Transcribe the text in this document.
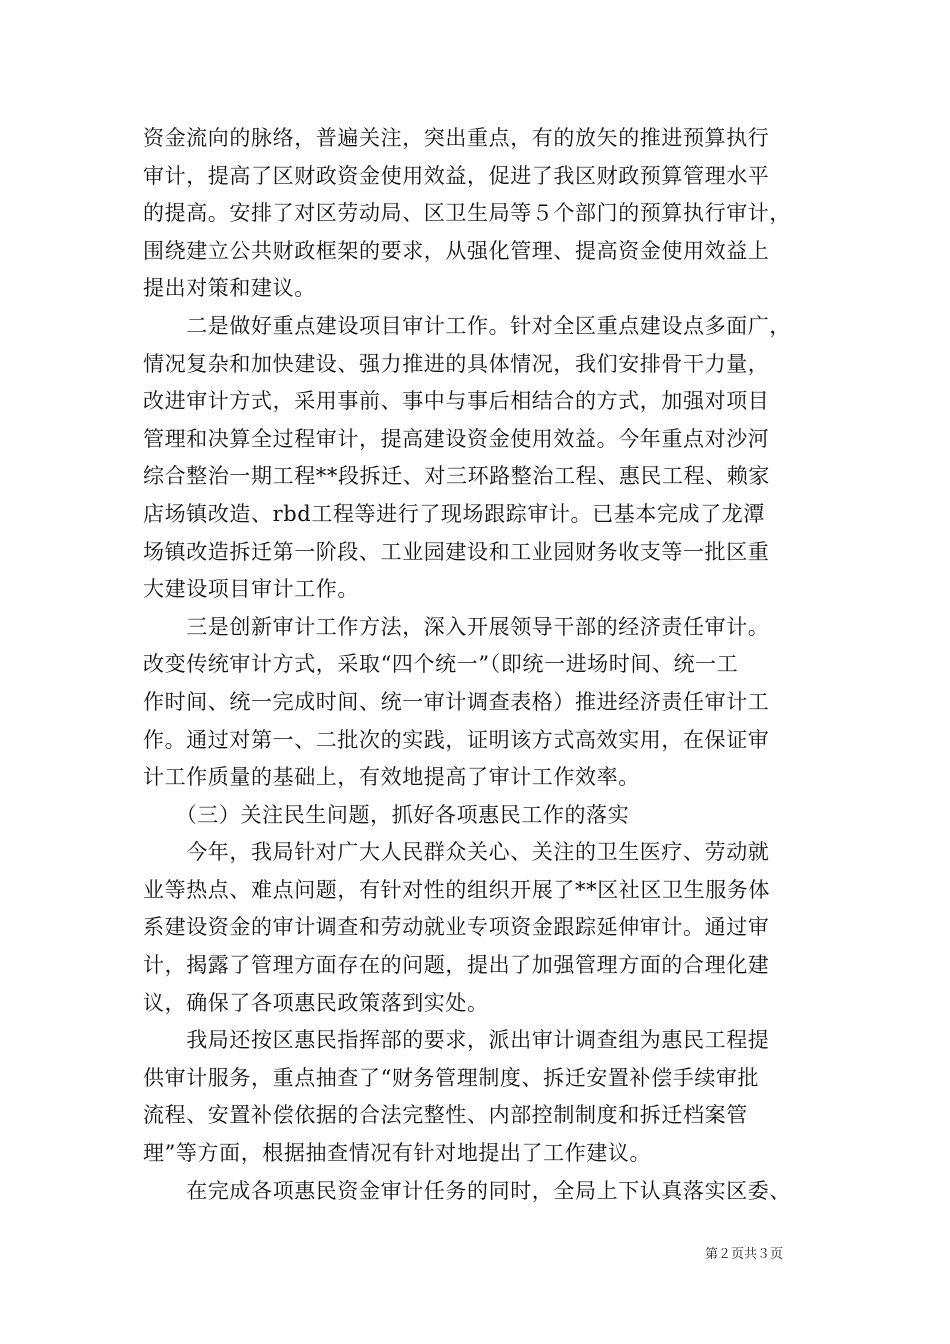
资金流向的脉络，普遍关注，突出重点，有的放矢的推进预算执行
审计，提高了区财政资金使用效益，促进了我区财政预算管理水平
的提高。安排了对区劳动局、区卫生局等５个部门的预算执行审计，
围绕建立公共财政框架的要求，从强化管理、提高资金使用效益上
提出对策和建议。
　　二是做好重点建设项目审计工作。针对全区重点建设点多面广，
情况复杂和加快建设、强力推进的具体情况，我们安排骨干力量，
改进审计方式，采用事前、事中与事后相结合的方式，加强对项目
管理和决算全过程审计，提高建设资金使用效益。今年重点对沙河
综合整治一期工程**段拆迁、对三环路整治工程、惠民工程、赖家
店场镇改造、rbd工程等进行了现场跟踪审计。已基本完成了龙潭
场镇改造拆迁第一阶段、工业园建设和工业园财务收支等一批区重
大建设项目审计工作。
　　三是创新审计工作方法，深入开展领导干部的经济责任审计。
改变传统审计方式，采取“四个统一”（即统一进场时间、统一工
作时间、统一完成时间、统一审计调查表格）推进经济责任审计工
作。通过对第一、二批次的实践，证明该方式高效实用，在保证审
计工作质量的基础上，有效地提高了审计工作效率。
　　（三）关注民生问题，抓好各项惠民工作的落实
　　今年，我局针对广大人民群众关心、关注的卫生医疗、劳动就
业等热点、难点问题，有针对性的组织开展了**区社区卫生服务体
系建设资金的审计调查和劳动就业专项资金跟踪延伸审计。通过审
计，揭露了管理方面存在的问题，提出了加强管理方面的合理化建
议，确保了各项惠民政策落到实处。
　　我局还按区惠民指挥部的要求，派出审计调查组为惠民工程提
供审计服务，重点抽查了“财务管理制度、拆迁安置补偿手续审批
流程、安置补偿依据的合法完整性、内部控制制度和拆迁档案管
理”等方面，根据抽查情况有针对地提出了工作建议。
　　在完成各项惠民资金审计任务的同时，全局上下认真落实区委、
第２页共３页
